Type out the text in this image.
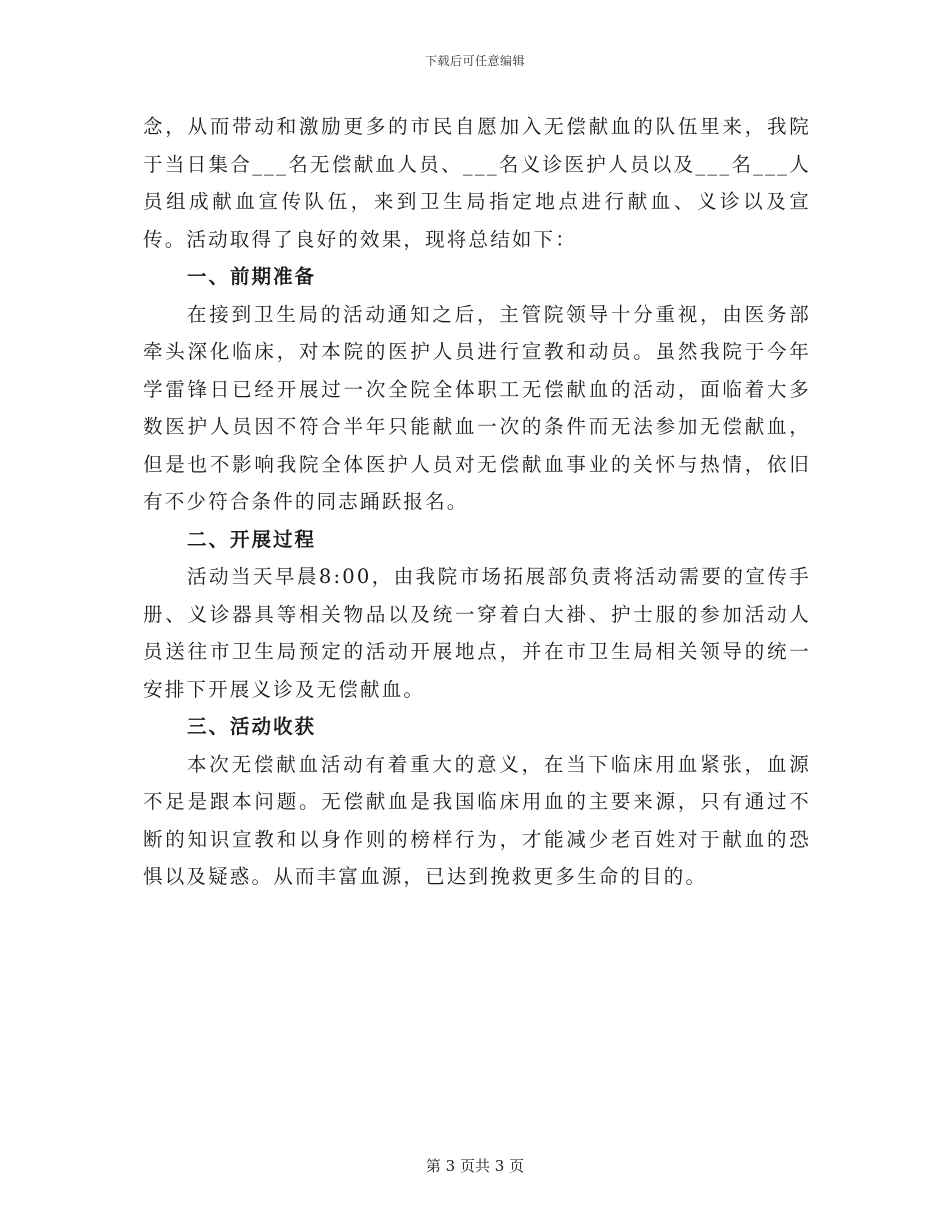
下载后可任意编辑

念，从而带动和激励更多的市民自愿加入无偿献血的队伍里来，我院于当日集合___名无偿献血人员、___名义诊医护人员以及___名___人员组成献血宣传队伍，来到卫生局指定地点进行献血、义诊以及宣传。活动取得了良好的效果，现将总结如下：

一、前期准备

在接到卫生局的活动通知之后，主管院领导十分重视，由医务部牵头深化临床，对本院的医护人员进行宣教和动员。虽然我院于今年学雷锋日已经开展过一次全院全体职工无偿献血的活动，面临着大多数医护人员因不符合半年只能献血一次的条件而无法参加无偿献血，但是也不影响我院全体医护人员对无偿献血事业的关怀与热情，依旧有不少符合条件的同志踊跃报名。

二、开展过程

活动当天早晨8:00，由我院市场拓展部负责将活动需要的宣传手册、义诊器具等相关物品以及统一穿着白大褂、护士服的参加活动人员送往市卫生局预定的活动开展地点，并在市卫生局相关领导的统一安排下开展义诊及无偿献血。

三、活动收获

本次无偿献血活动有着重大的意义，在当下临床用血紧张，血源不足是跟本问题。无偿献血是我国临床用血的主要来源，只有通过不断的知识宣教和以身作则的榜样行为，才能减少老百姓对于献血的恐惧以及疑惑。从而丰富血源，已达到挽救更多生命的目的。

第 3 页共 3 页
